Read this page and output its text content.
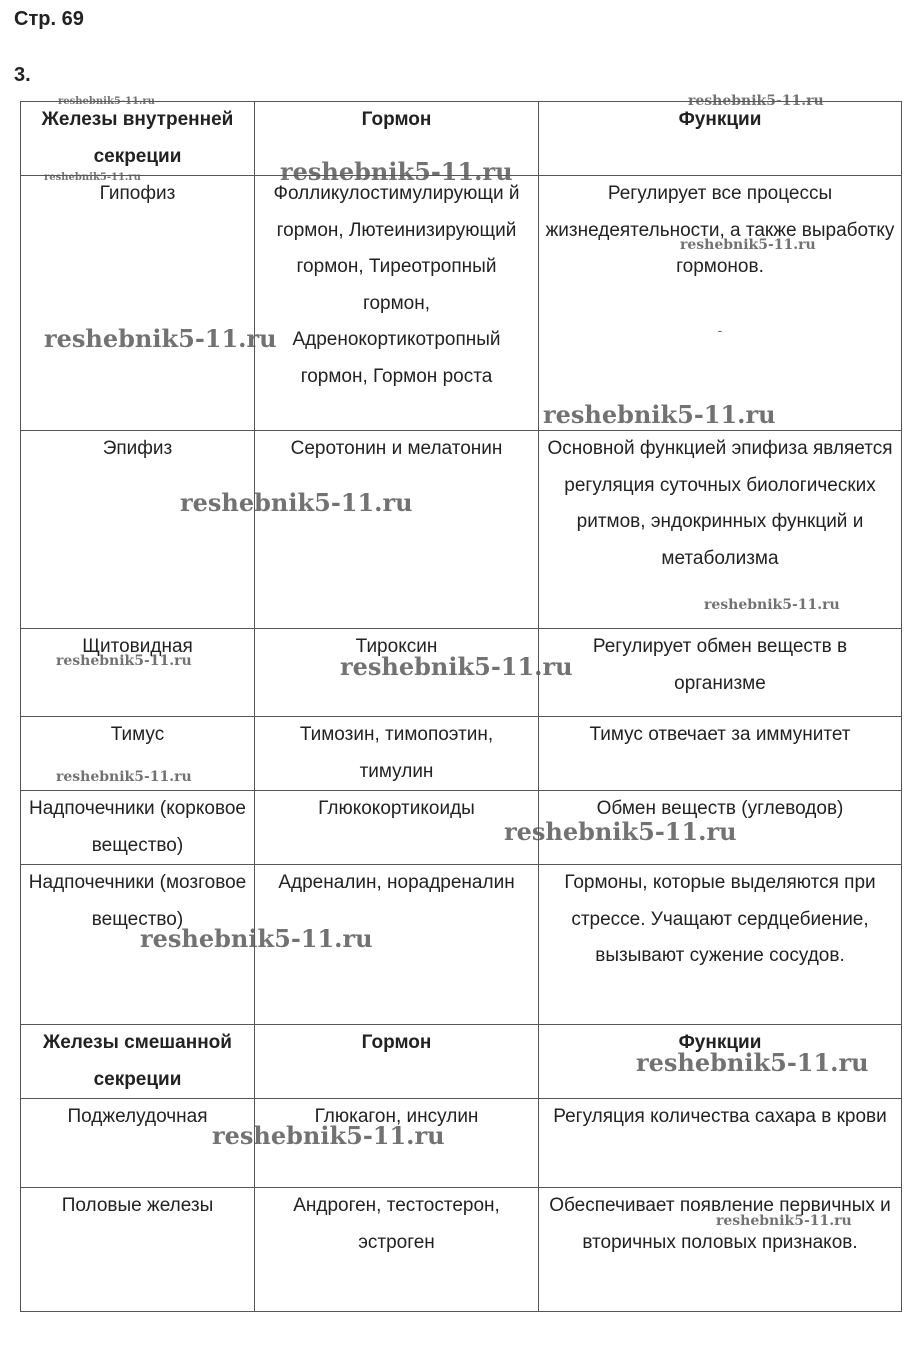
Стр. 69
3.
Железы внутренней секреции	Гормон	Функции
Гипофиз	Фолликулостимулирующи й гормон, Лютеинизирующий гормон, Тиреотропный гормон, Адренокортикотропный гормон, Гормон роста	Регулирует все процессы жизнедеятельности, а также выработку гормонов.
-

Эпифиз	Серотонин и мелатонин	Основной функцией эпифиза является регуляция суточных биологических ритмов, эндокринных функций и метаболизма
Щитовидная	Тироксин	Регулирует обмен веществ в организме
Тимус	Тимозин, тимопоэтин, тимулин	Тимус отвечает за иммунитет
Надпочечники (корковое вещество)	Глюкокортикоиды	Обмен веществ (углеводов)
Надпочечники (мозговое вещество)	Адреналин, норадреналин	Гормоны, которые выделяются при стрессе. Учащают сердцебиение, вызывают сужение сосудов.
Железы смешанной секреции	Гормон	Функции
Поджелудочная	Глюкагон, инсулин	Регуляция количества сахара в крови
Половые железы	Андроген, тестостерон, эстроген	Обеспечивает появление первичных и вторичных половых признаков.
reshebnik5-11.ru	reshebnik5-11.ru
reshebnik5-11.ru
reshebnik5-11.ru
reshebnik5-11.ru
reshebnik5-11.ru
reshebnik5-11.ru
reshebnik5-11.ru
reshebnik5-11.ru
reshebnik5-11.ru	reshebnik5-11.ru
reshebnik5-11.ru
reshebnik5-11.ru
reshebnik5-11.ru
reshebnik5-11.ru
reshebnik5-11.ru
reshebnik5-11.ru
